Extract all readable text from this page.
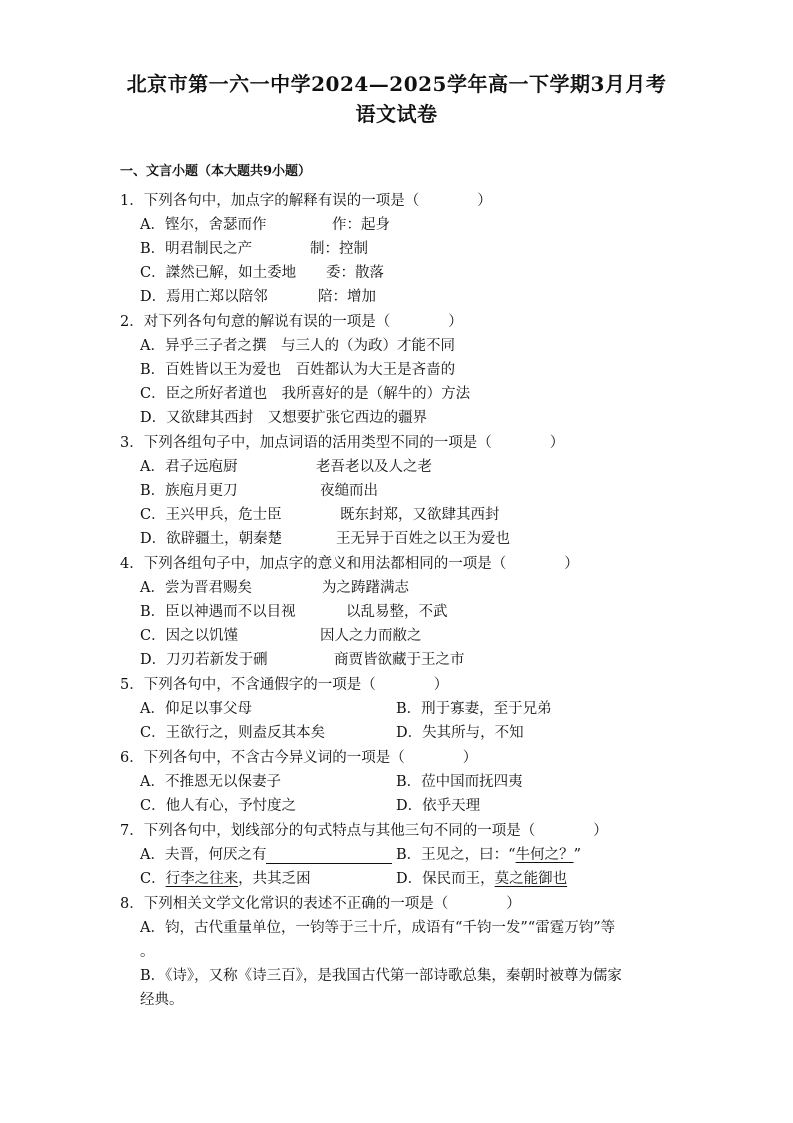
北京市第一六一中学2024—2025学年高一下学期3月月考
语文试卷
一、文言小题（本大题共9小题）
1．下列各句中，加点字的解释有误的一项是（　　　　）
A．铿尔，舍瑟而作	作：起身
B．明君制民之产	制：控制
C．謋然已解，如土委地 委：散落
D．焉用亡郑以陪邻	陪：增加
2．对下列各句句意的解说有误的一项是（　　　　）
A．异乎三子者之撰　与三人的（为政）才能不同
B．百姓皆以王为爱也　百姓都认为大王是吝啬的
C．臣之所好者道也　我所喜好的是（解牛的）方法
D．又欲肆其西封　又想要扩张它西边的疆界
3．下列各组句子中，加点词语的活用类型不同的一项是（　　　　）
A．君子远庖厨	老吾老以及人之老
B．族庖月更刀	夜缒而出
C．王兴甲兵，危士臣	既东封郑，又欲肆其西封
D．欲辟疆土，朝秦楚	王无异于百姓之以王为爱也
4．下列各组句子中，加点字的意义和用法都相同的一项是（　　　　）
A．尝为晋君赐矣	为之踌躇满志
B．臣以神遇而不以目视	以乱易整，不武
C．因之以饥馑	因人之力而敝之
D．刀刃若新发于硎	商贾皆欲藏于王之市
5．下列各句中，不含通假字的一项是（　　　　）
A．仰足以事父母	B．刑于寡妻，至于兄弟
C．王欲行之，则盍反其本矣	D．失其所与，不知
6．下列各句中，不含古今异义词的一项是（　　　　）
A．不推恩无以保妻子	B．莅中国而抚四夷
C．他人有心，予忖度之	D．依乎天理
7．下列各句中，划线部分的句式特点与其他三句不同的一项是（　　　　）
A．夫晋，何厌之有	B．王见之，曰：“牛何之？”
C．行李之往来，共其乏困	D．保民而王，莫之能御也
8．下列相关文学文化常识的表述不正确的一项是（　　　　）
A．钧，古代重量单位，一钧等于三十斤，成语有“千钧一发”“雷霆万钧”等
。
B．《诗》，又称《诗三百》，是我国古代第一部诗歌总集，秦朝时被尊为儒家
经典。
